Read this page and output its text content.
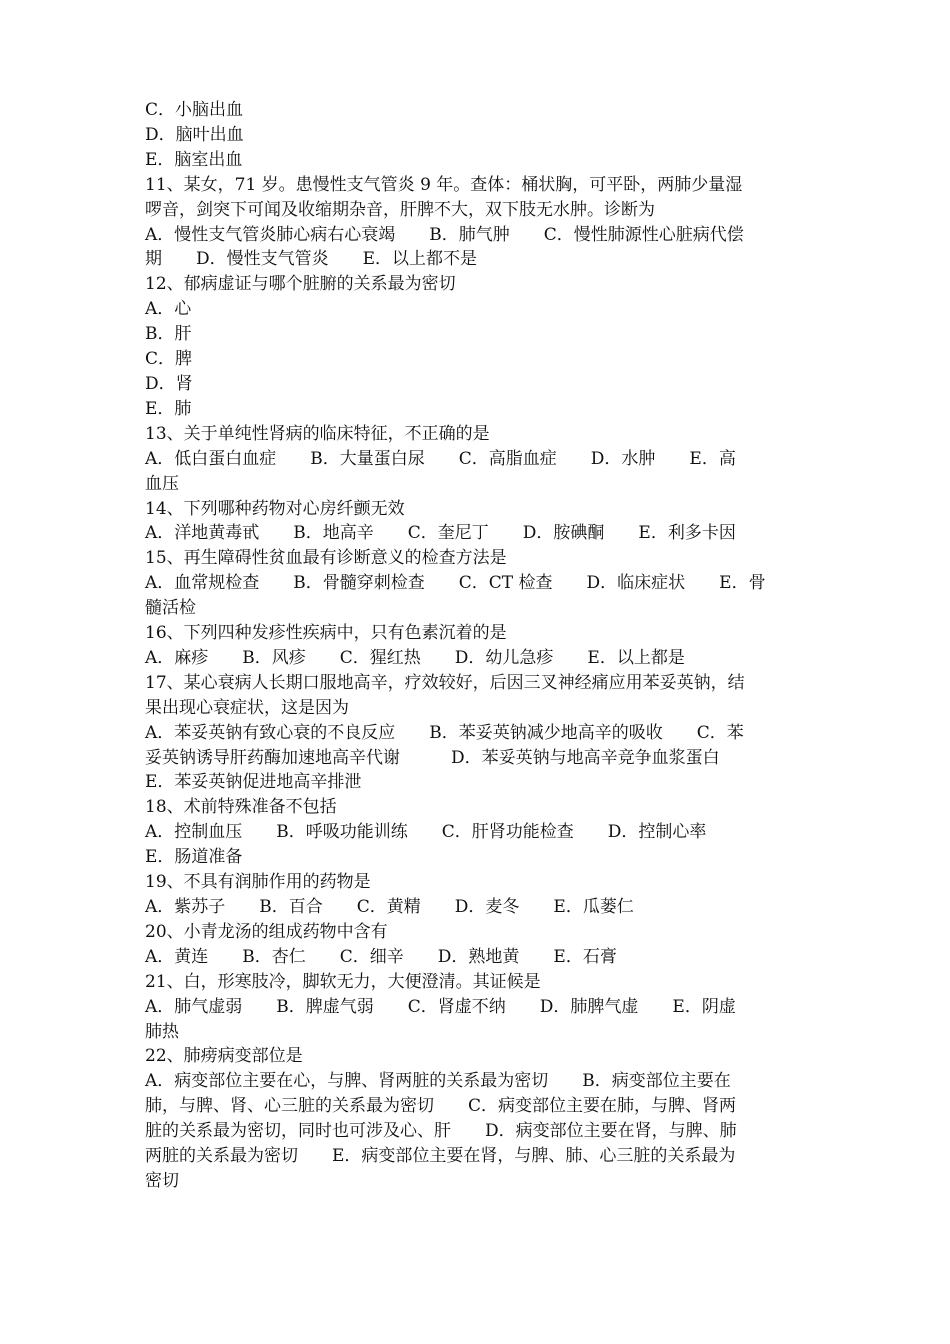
C．小脑出血
D．脑叶出血
E．脑室出血
11、某女，71 岁。患慢性支气管炎 9 年。查体：桶状胸，可平卧，两肺少量湿
啰音，剑突下可闻及收缩期杂音，肝脾不大，双下肢无水肿。诊断为
A．慢性支气管炎肺心病右心衰竭　　B．肺气肿　　C．慢性肺源性心脏病代偿
期　　D．慢性支气管炎　　E．以上都不是
12、郁病虚证与哪个脏腑的关系最为密切
A．心
B．肝
C．脾
D．肾
E．肺
13、关于单纯性肾病的临床特征，不正确的是
A．低白蛋白血症　　B．大量蛋白尿　　C．高脂血症　　D．水肿　　E．高
血压
14、下列哪种药物对心房纤颤无效
A．洋地黄毒甙　　B．地高辛　　C．奎尼丁　　D．胺碘酮　　E．利多卡因
15、再生障碍性贫血最有诊断意义的检查方法是
A．血常规检查　　B．骨髓穿刺检查　　C．CT 检查　　D．临床症状　　E．骨
髓活检
16、下列四种发疹性疾病中，只有色素沉着的是
A．麻疹　　B．风疹　　C．猩红热　　D．幼儿急疹　　E．以上都是
17、某心衰病人长期口服地高辛，疗效较好，后因三叉神经痛应用苯妥英钠，结
果出现心衰症状，这是因为
A．苯妥英钠有致心衰的不良反应　　B．苯妥英钠减少地高辛的吸收　　C．苯
妥英钠诱导肝药酶加速地高辛代谢　　　D．苯妥英钠与地高辛竞争血浆蛋白
E．苯妥英钠促进地高辛排泄
18、术前特殊准备不包括
A．控制血压　　B．呼吸功能训练　　C．肝肾功能检查　　D．控制心率
E．肠道准备
19、不具有润肺作用的药物是
A．紫苏子　　B．百合　　C．黄精　　D．麦冬　　E．瓜蒌仁
20、小青龙汤的组成药物中含有
A．黄连　　B．杏仁　　C．细辛　　D．熟地黄　　E．石膏
21、白，形寒肢冷，脚软无力，大便澄清。其证候是
A．肺气虚弱　　B．脾虚气弱　　C．肾虚不纳　　D．肺脾气虚　　E．阴虚
肺热
22、肺痨病变部位是
A．病变部位主要在心，与脾、肾两脏的关系最为密切　　B．病变部位主要在
肺，与脾、肾、心三脏的关系最为密切　　C．病变部位主要在肺，与脾、肾两
脏的关系最为密切，同时也可涉及心、肝　　D．病变部位主要在肾，与脾、肺
两脏的关系最为密切　　E．病变部位主要在肾，与脾、肺、心三脏的关系最为
密切
